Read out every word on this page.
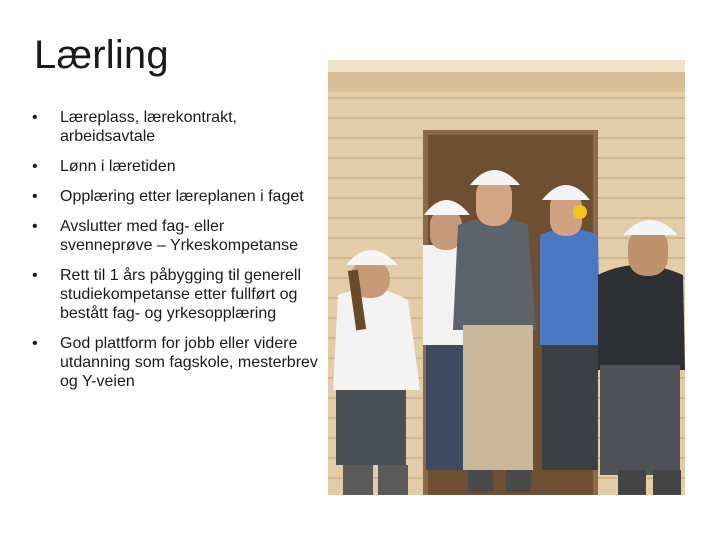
Lærling
• Læreplass, lærekontrakt, arbeidsavtale
• Lønn i læretiden
• Opplæring etter læreplanen i faget
• Avslutter med fag- eller svenneprøve – Yrkeskompetanse
• Rett til 1 års påbygging til generell studiekompetanse etter fullført og bestått fag- og yrkesopplæring
• God plattform for jobb eller videre utdanning som fagskole, mesterbrev og Y-veien
